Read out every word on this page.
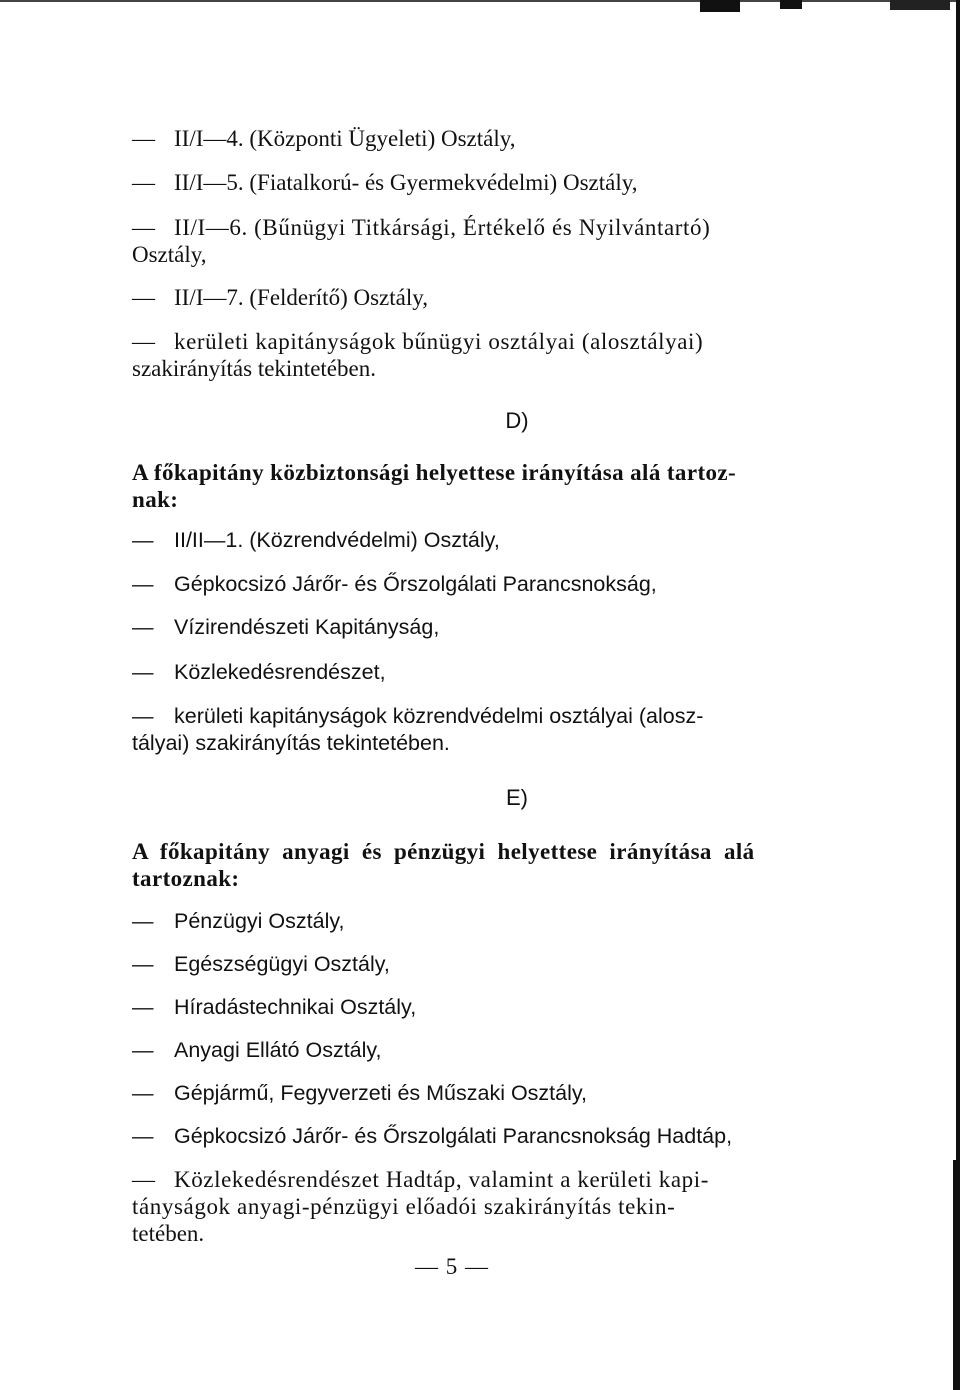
— II/I—4. (Központi Ügyeleti) Osztály,
— II/I—5. (Fiatalkorú- és Gyermekvédelmi) Osztály,
— II/I—6. (Bűnügyi Titkársági, Értékelő és Nyilvántartó)
Osztály,
— II/I—7. (Felderítő) Osztály,
— kerületi kapitányságok bűnügyi osztályai (alosztályai)
szakirányítás tekintetében.
D)
A főkapitány közbiztonsági helyettese irányítása alá tartoz-
nak:
— II/II—1. (Közrendvédelmi) Osztály,
— Gépkocsizó Járőr- és Őrszolgálati Parancsnokság,
— Vízirendészeti Kapitányság,
— Közlekedésrendészet,
— kerületi kapitányságok közrendvédelmi osztályai (alosz-
tályai) szakirányítás tekintetében.
E)
A főkapitány anyagi és pénzügyi helyettese irányítása alá
tartoznak:
— Pénzügyi Osztály,
— Egészségügyi Osztály,
— Híradástechnikai Osztály,
— Anyagi Ellátó Osztály,
— Gépjármű, Fegyverzeti és Műszaki Osztály,
— Gépkocsizó Járőr- és Őrszolgálati Parancsnokság Hadtáp,
— Közlekedésrendészet Hadtáp, valamint a kerületi kapi-
tányságok anyagi-pénzügyi előadói szakirányítás tekin-
tetében.
— 5 —
